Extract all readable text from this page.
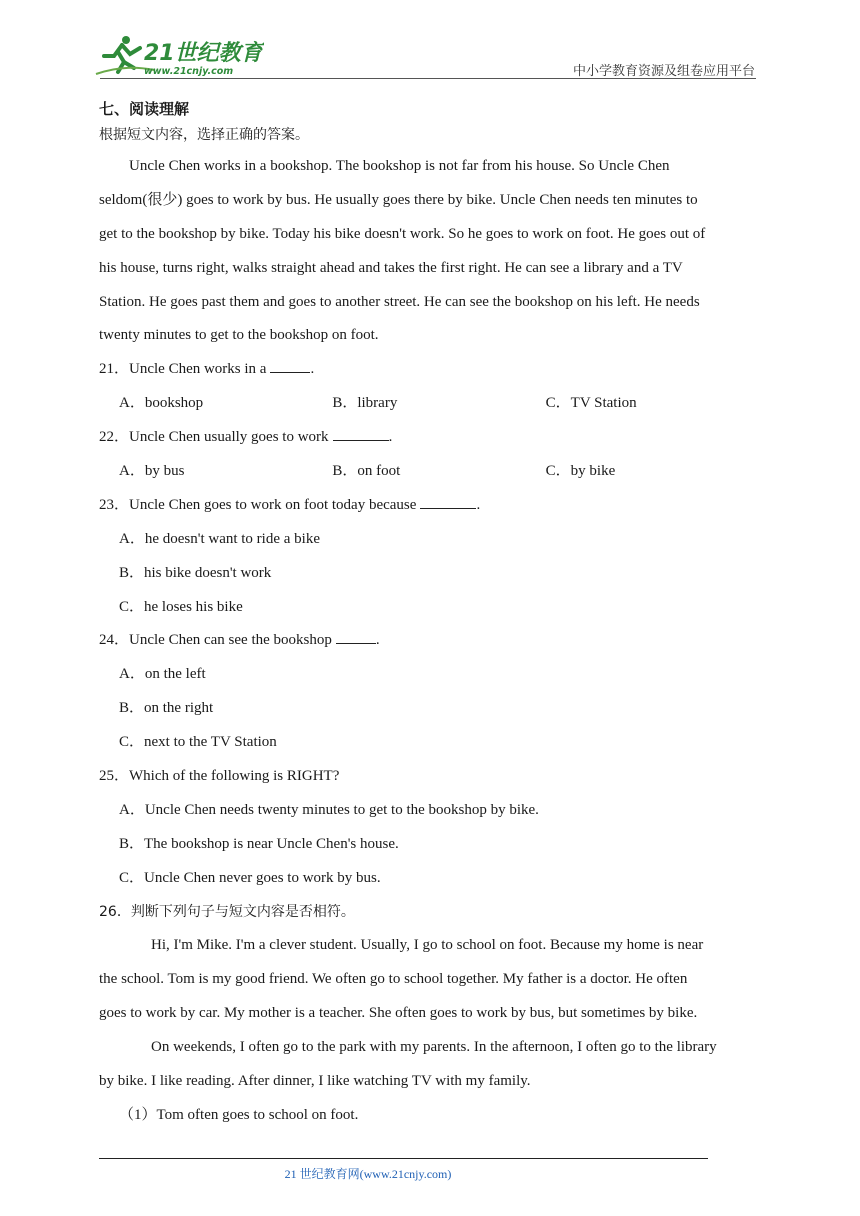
21世纪教育
www.21cnjy.com	中小学教育资源及组卷应用平台
七、阅读理解
根据短文内容，选择正确的答案。
Uncle Chen works in a bookshop. The bookshop is not far from his house. So Uncle Chen
seldom(很少) goes to work by bus. He usually goes there by bike. Uncle Chen needs ten minutes to
get to the bookshop by bike. Today his bike doesn't work. So he goes to work on foot. He goes out of
his house, turns right, walks straight ahead and takes the first right. He can see a library and a TV
Station. He goes past them and goes to another street. He can see the bookshop on his left. He needs
twenty minutes to get to the bookshop on foot.
21．Uncle Chen works in a	.
A．bookshop	B．library	C．TV Station
22．Uncle Chen usually goes to work	.
A．by bus	B．on foot	C．by bike
23．Uncle Chen goes to work on foot today because	.
A．he doesn't want to ride a bike
B．his bike doesn't work
C．he loses his bike
24．Uncle Chen can see the bookshop	.
A．on the left
B．on the right
C．next to the TV Station
25．Which of the following is RIGHT?
A．Uncle Chen needs twenty minutes to get to the bookshop by bike.
B．The bookshop is near Uncle Chen's house.
C．Uncle Chen never goes to work by bus.
26．判断下列句子与短文内容是否相符。
Hi, I'm Mike. I'm a clever student. Usually, I go to school on foot. Because my home is near
the school. Tom is my good friend. We often go to school together. My father is a doctor. He often
goes to work by car. My mother is a teacher. She often goes to work by bus, but sometimes by bike.
On weekends, I often go to the park with my parents. In the afternoon, I often go to the library
by bike. I like reading. After dinner, I like watching TV with my family.
（1）Tom often goes to school on foot.
21 世纪教育网(www.21cnjy.com)
